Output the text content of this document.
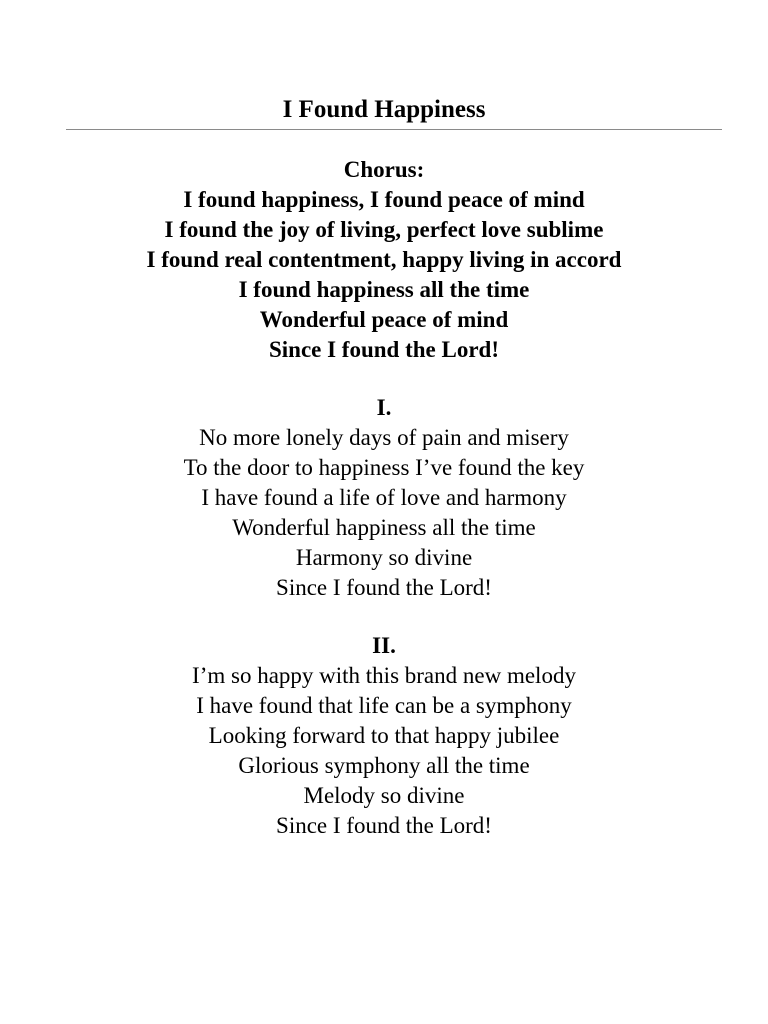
I Found Happiness
Chorus:
I found happiness, I found peace of mind
I found the joy of living, perfect love sublime
I found real contentment, happy living in accord
I found happiness all the time
Wonderful peace of mind
Since I found the Lord!
I.
No more lonely days of pain and misery
To the door to happiness I’ve found the key
I have found a life of love and harmony
Wonderful happiness all the time
Harmony so divine
Since I found the Lord!
II.
I’m so happy with this brand new melody
I have found that life can be a symphony
Looking forward to that happy jubilee
Glorious symphony all the time
Melody so divine
Since I found the Lord!
